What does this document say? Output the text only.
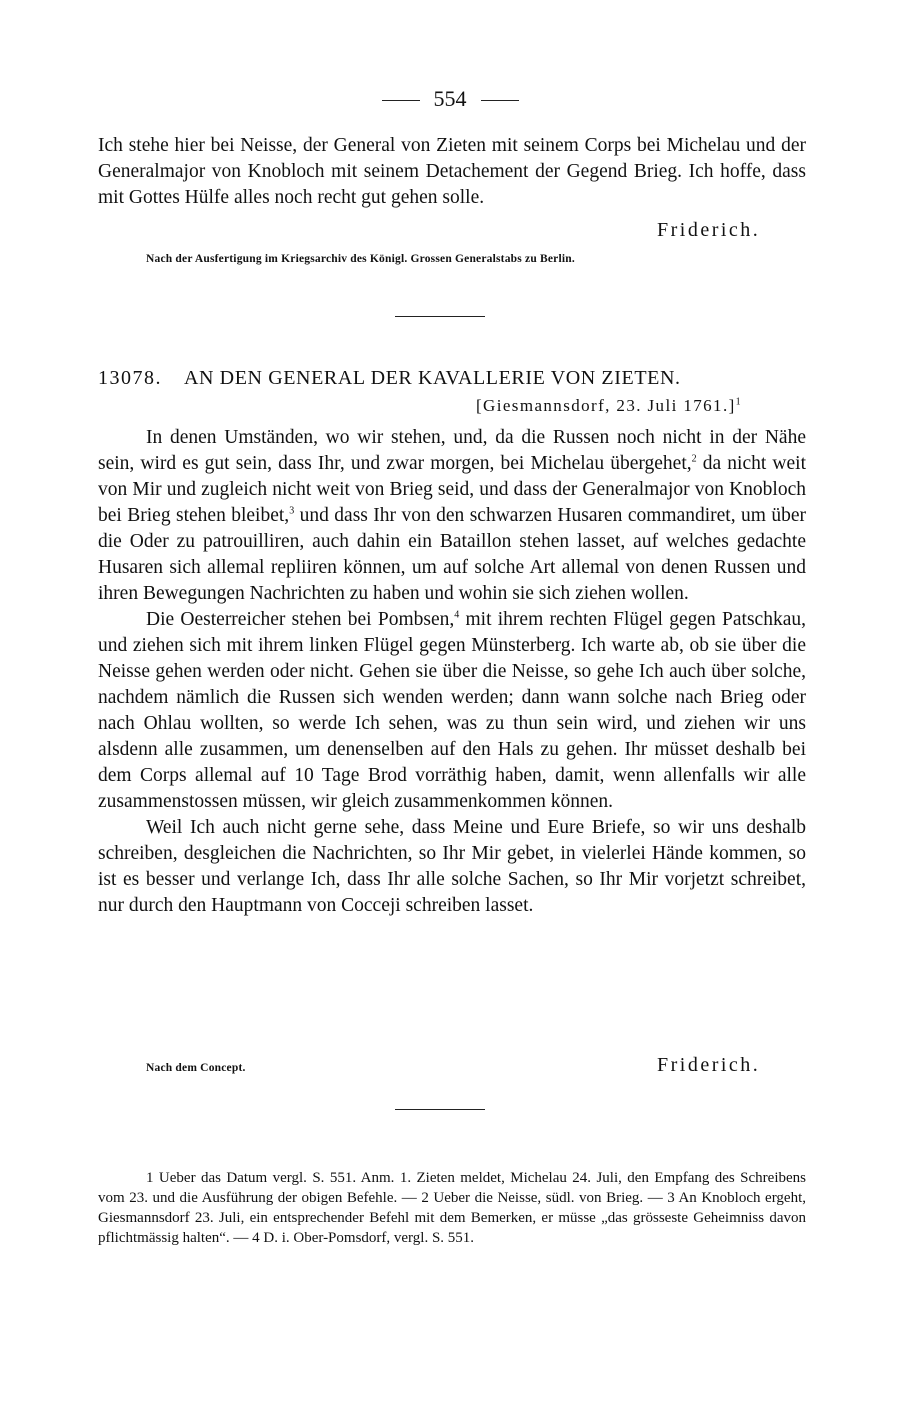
554

Ich stehe hier bei Neisse, der General von Zieten mit seinem Corps bei Michelau und der Generalmajor von Knobloch mit seinem Detachement der Gegend Brieg. Ich hoffe, dass mit Gottes Hülfe alles noch recht gut gehen solle.

Friderich.
Nach der Ausfertigung im Kriegsarchiv des Königl. Grossen Generalstabs zu Berlin.
13078. AN DEN GENERAL DER KAVALLERIE VON ZIETEN.
[Giesmannsdorf, 23. Juli 1761.]$^1$

In denen Umständen, wo wir stehen, und, da die Russen noch nicht in der Nähe sein, wird es gut sein, dass Ihr, und zwar morgen, bei Michelau übergehet,$^2$ da nicht weit von Mir und zugleich nicht weit von Brieg seid, und dass der Generalmajor von Knobloch bei Brieg stehen bleibet,$^3$ und dass Ihr von den schwarzen Husaren commandiret, um über die Oder zu patrouilliren, auch dahin ein Bataillon stehen lasset, auf welches gedachte Husaren sich allemal repliiren können, um auf solche Art allemal von denen Russen und ihren Bewegungen Nachrichten zu haben und wohin sie sich ziehen wollen.

Die Oesterreicher stehen bei Pombsen,$^4$ mit ihrem rechten Flügel gegen Patschkau, und ziehen sich mit ihrem linken Flügel gegen Münsterberg. Ich warte ab, ob sie über die Neisse gehen werden oder nicht. Gehen sie über die Neisse, so gehe Ich auch über solche, nachdem nämlich die Russen sich wenden werden; dann wann solche nach Brieg oder nach Ohlau wollten, so werde Ich sehen, was zu thun sein wird, und ziehen wir uns alsdenn alle zusammen, um denenselben auf den Hals zu gehen. Ihr müsset deshalb bei dem Corps allemal auf 10 Tage Brod vorräthig haben, damit, wenn allenfalls wir alle zusammenstossen müssen, wir gleich zusammenkommen können.

Weil Ich auch nicht gerne sehe, dass Meine und Eure Briefe, so wir uns deshalb schreiben, desgleichen die Nachrichten, so Ihr Mir gebet, in vielerlei Hände kommen, so ist es besser und verlange Ich, dass Ihr alle solche Sachen, so Ihr Mir vorjetzt schreibet, nur durch den Hauptmann von Cocceji schreiben lasset.

Nach dem Concept.	Friderich.

1 Ueber das Datum vergl. S. 551. Anm. 1. Zieten meldet, Michelau 24. Juli, den Empfang des Schreibens vom 23. und die Ausführung der obigen Befehle. — 2 Ueber die Neisse, südl. von Brieg. — 3 An Knobloch ergeht, Giesmannsdorf 23. Juli, ein entsprechender Befehl mit dem Bemerken, er müsse „das grösseste Geheimniss davon pflichtmässig halten“. — 4 D. i. Ober-Pomsdorf, vergl. S. 551.
